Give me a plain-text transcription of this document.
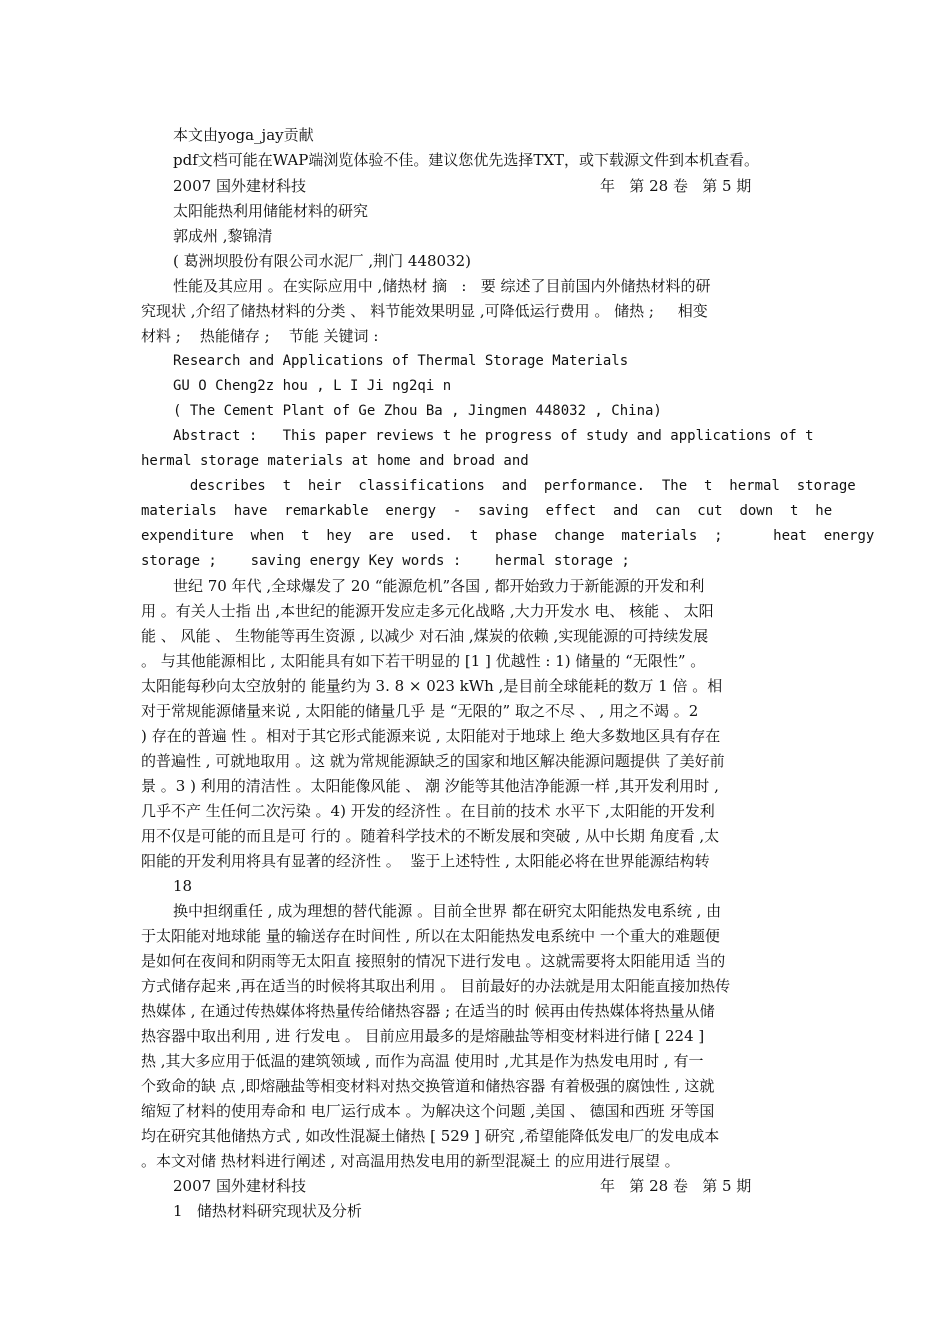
本文由yoga_jay贡献
pdf文档可能在WAP端浏览体验不佳。建议您优先选择TXT，或下载源文件到本机查看。
2007 国外建材科技	年   第 28 卷   第 5 期
太阳能热利用储能材料的研究
郭成州 ,黎锦清
( 葛洲坝股份有限公司水泥厂 ,荆门 448032)
性能及其应用 。在实际应用中 ,储热材 摘   :   要 综述了目前国内外储热材料的研
究现状 ,介绍了储热材料的分类 、 料节能效果明显 ,可降低运行费用 。 储热 ;     相变
材料 ;    热能储存 ;    节能 关键词 :
Research and Applications of Thermal Storage Materials
GU O Cheng2z hou , L I Ji ng2qi n
( The Cement Plant of Ge Zhou Ba , Jingmen 448032 , China)
Abstract :   This paper reviews t he progress of study and applications of t
hermal storage materials at home and broad and
describes  t  heir  classifications  and  performance.  The  t  hermal  storage
materials  have  remarkable  energy  -  saving  effect  and  can  cut  down  t  he
expenditure  when  t  hey  are  used.  t  phase  change  materials  ;      heat  energy
storage ;    saving energy Key words :    hermal storage ;
世纪 70 年代 ,全球爆发了 20 “能源危机”各国 , 都开始致力于新能源的开发和利
用 。有关人士指 出 ,本世纪的能源开发应走多元化战略 ,大力开发水 电、 核能 、 太阳
能 、 风能 、 生物能等再生资源 , 以减少 对石油 ,煤炭的依赖 ,实现能源的可持续发展
。 与其他能源相比 , 太阳能具有如下若干明显的 [1 ] 优越性 : 1) 储量的 “无限性” 。
太阳能每秒向太空放射的 能量约为 3. 8 × 023 kWh ,是目前全球能耗的数万 1 倍 。相
对于常规能源储量来说 , 太阳能的储量几乎 是 “无限的” 取之不尽 、 , 用之不竭 。2
) 存在的普遍 性 。相对于其它形式能源来说 , 太阳能对于地球上 绝大多数地区具有存在
的普遍性 , 可就地取用 。这 就为常规能源缺乏的国家和地区解决能源问题提供 了美好前
景 。3 ) 利用的清洁性 。太阳能像风能 、 潮 汐能等其他洁净能源一样 ,其开发利用时 ,
几乎不产 生任何二次污染 。4) 开发的经济性 。在目前的技术 水平下 ,太阳能的开发利
用不仅是可能的而且是可 行的 。随着科学技术的不断发展和突破 , 从中长期 角度看 ,太
阳能的开发利用将具有显著的经济性 。  鉴于上述特性 , 太阳能必将在世界能源结构转
18
换中担纲重任 , 成为理想的替代能源 。目前全世界 都在研究太阳能热发电系统 , 由
于太阳能对地球能 量的输送存在时间性 , 所以在太阳能热发电系统中 一个重大的难题便
是如何在夜间和阴雨等无太阳直 接照射的情况下进行发电 。这就需要将太阳能用适 当的
方式储存起来 ,再在适当的时候将其取出利用 。 目前最好的办法就是用太阳能直接加热传
热媒体 , 在通过传热媒体将热量传给储热容器 ; 在适当的时 候再由传热媒体将热量从储
热容器中取出利用 , 进 行发电 。 目前应用最多的是熔融盐等相变材料进行储 [ 224 ]
热 ,其大多应用于低温的建筑领域 , 而作为高温 使用时 ,尤其是作为热发电用时 , 有一
个致命的缺 点 ,即熔融盐等相变材料对热交换管道和储热容器 有着极强的腐蚀性 , 这就
缩短了材料的使用寿命和 电厂运行成本 。为解决这个问题 ,美国 、 德国和西班 牙等国
均在研究其他储热方式 , 如改性混凝土储热 [ 529 ] 研究 ,希望能降低发电厂的发电成本
。本文对储 热材料进行阐述 , 对高温用热发电用的新型混凝土 的应用进行展望 。
2007 国外建材科技	年   第 28 卷   第 5 期
1   储热材料研究现状及分析
